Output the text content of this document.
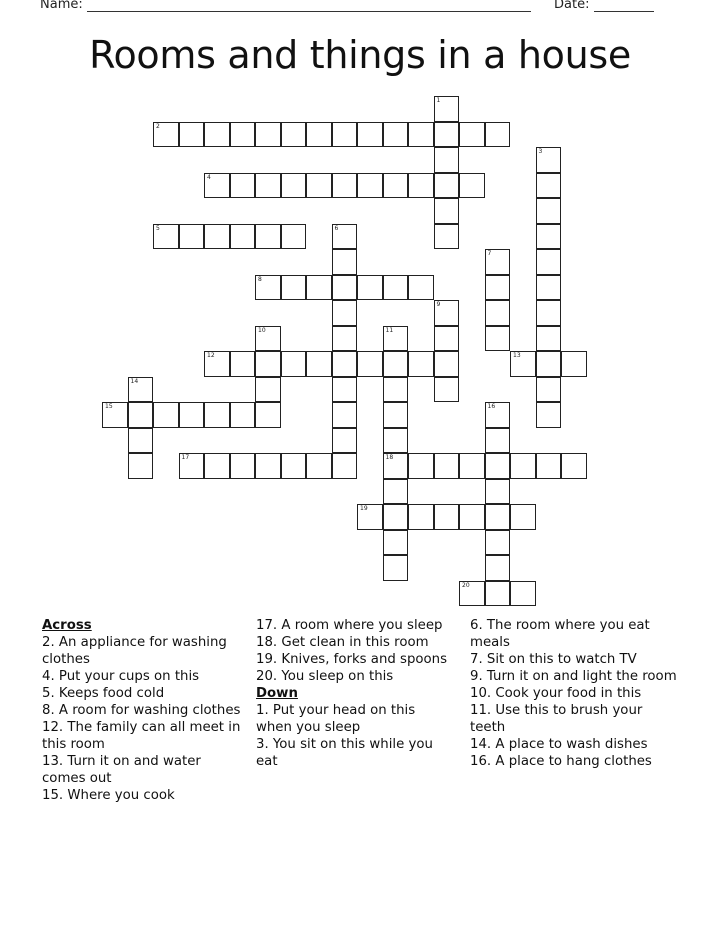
Name:	Date:
Rooms and things in a house
1
2
3
4
5	6
7
8
9
10	11
12	13
14
15	16
17	18
19
20
Across
2. An appliance for washing clothes
4. Put your cups on this
5. Keeps food cold
8. A room for washing clothes
12. The family can all meet in this room
13. Turn it on and water comes out
15. Where you cook
17. A room where you sleep
18. Get clean in this room
19. Knives, forks and spoons
20. You sleep on this
Down
1. Put your head on this when you sleep
3. You sit on this while you eat
6. The room where you eat meals
7. Sit on this to watch TV
9. Turn it on and light the room
10. Cook your food in this
11. Use this to brush your teeth
14. A place to wash dishes
16. A place to hang clothes
